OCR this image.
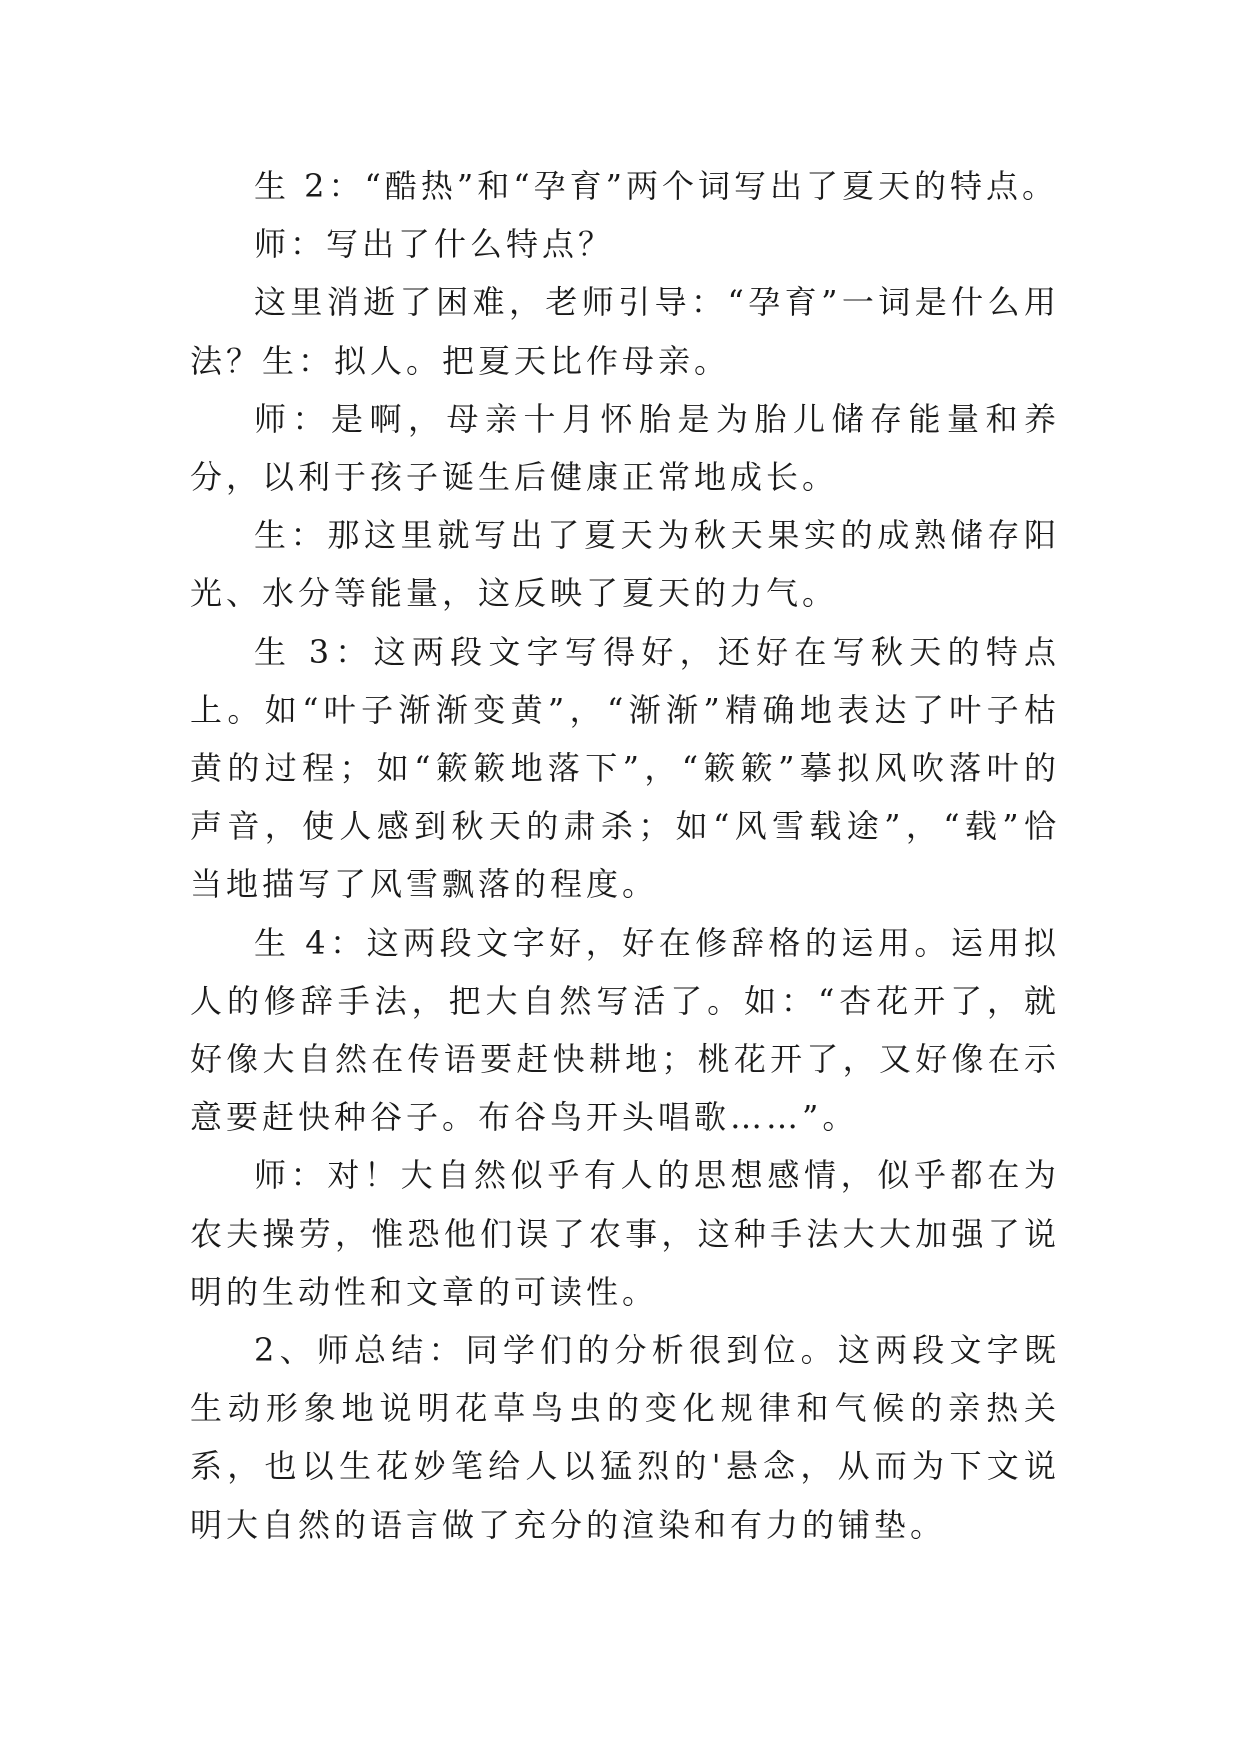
生 2：“酷热”和“孕育”两个词写出了夏天的特点。

师：写出了什么特点？

这里消逝了困难，老师引导：“孕育”一词是什么用法？生：拟人。把夏天比作母亲。

师：是啊，母亲十月怀胎是为胎儿储存能量和养分，以利于孩子诞生后健康正常地成长。

生：那这里就写出了夏天为秋天果实的成熟储存阳光、水分等能量，这反映了夏天的力气。

生 3：这两段文字写得好，还好在写秋天的特点上。如“叶子渐渐变黄”，“渐渐”精确地表达了叶子枯黄的过程；如“簌簌地落下”，“簌簌”摹拟风吹落叶的声音，使人感到秋天的肃杀；如“风雪载途”，“载”恰当地描写了风雪飘落的程度。

生 4：这两段文字好，好在修辞格的运用。运用拟人的修辞手法，把大自然写活了。如：“杏花开了，就好像大自然在传语要赶快耕地；桃花开了，又好像在示意要赶快种谷子。布谷鸟开头唱歌……”。

师：对！大自然似乎有人的思想感情，似乎都在为农夫操劳，惟恐他们误了农事，这种手法大大加强了说明的生动性和文章的可读性。

2、师总结：同学们的分析很到位。这两段文字既生动形象地说明花草鸟虫的变化规律和气候的亲热关系，也以生花妙笔给人以猛烈的'悬念，从而为下文说明大自然的语言做了充分的渲染和有力的铺垫。
